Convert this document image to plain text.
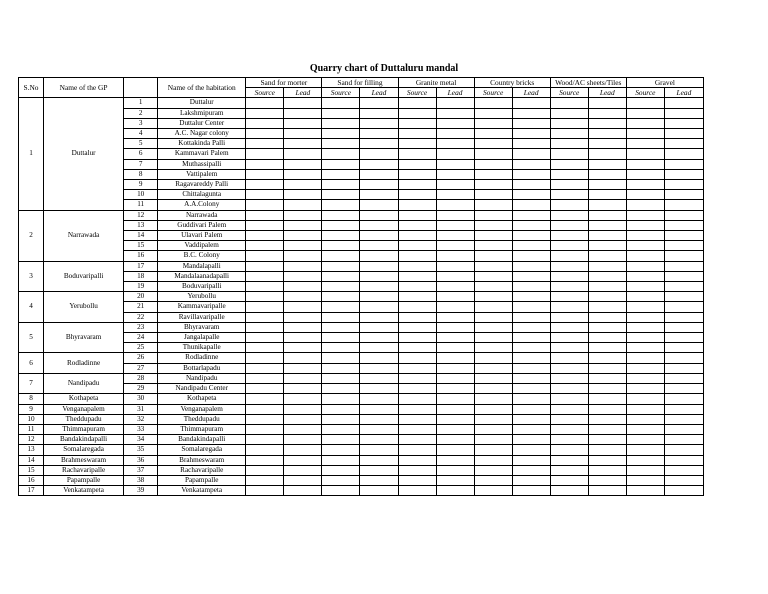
Quarry chart of Duttaluru mandal
S.No	Name of the GP		Name of the habitation	Sand for morter		Sand for filling		Granite metal		Country bricks		Wood/AC sheets/Tiles		Gravel	
				Source	Lead	Source	Lead	Source	Lead	Source	Lead	Source	Lead	Source	Lead
1	Duttalur	1	Duttalur												
		2	Lakshmipuram												
		3	Duttalur Center												
		4	A.C. Nagar colony												
		5	Kottakinda Palli												
		6	Kammavari Palem												
		7	Muthassipalli												
		8	Vattipalem												
		9	Ragavareddy Palli												
		10	Chittalagunta												
		11	A.A.Colony												
2	Narrawada	12	Narrawada												
		13	Guddivari Palem												
		14	Ulavari Palem												
		15	Vaddipalem												
		16	B.C. Colony												
3	Boduvaripalli	17	Mandalapalli												
		18	Mandalaanadapalli												
		19	Boduvaripalli												
4	Yerubollu	20	Yerubollu												
		21	Kammavaripalle												
		22	Ravillavaripalle												
5	Bhyravaram	23	Bhyravaram												
		24	Jangalapalle												
		25	Thunikapalle												
6	Rodladinne	26	Rodladinne												
		27	Bottarlapadu												
7	Nandipadu	28	Nandipadu												
		29	Nandipadu Center												
8	Kothapeta	30	Kothapeta												
9	Venganapalem	31	Venganapalem												
10	Theddupadu	32	Theddupadu												
11	Thimmapuram	33	Thimmapuram												
12	Bandakindapalli	34	Bandakindapalli												
13	Somalaregada	35	Somalaregada												
14	Brahmeswaram	36	Brahmeswaram												
15	Rachavaripalle	37	Rachavaripalle												
16	Papampalle	38	Papampalle												
17	Venkatampeta	39	Venkatampeta												
